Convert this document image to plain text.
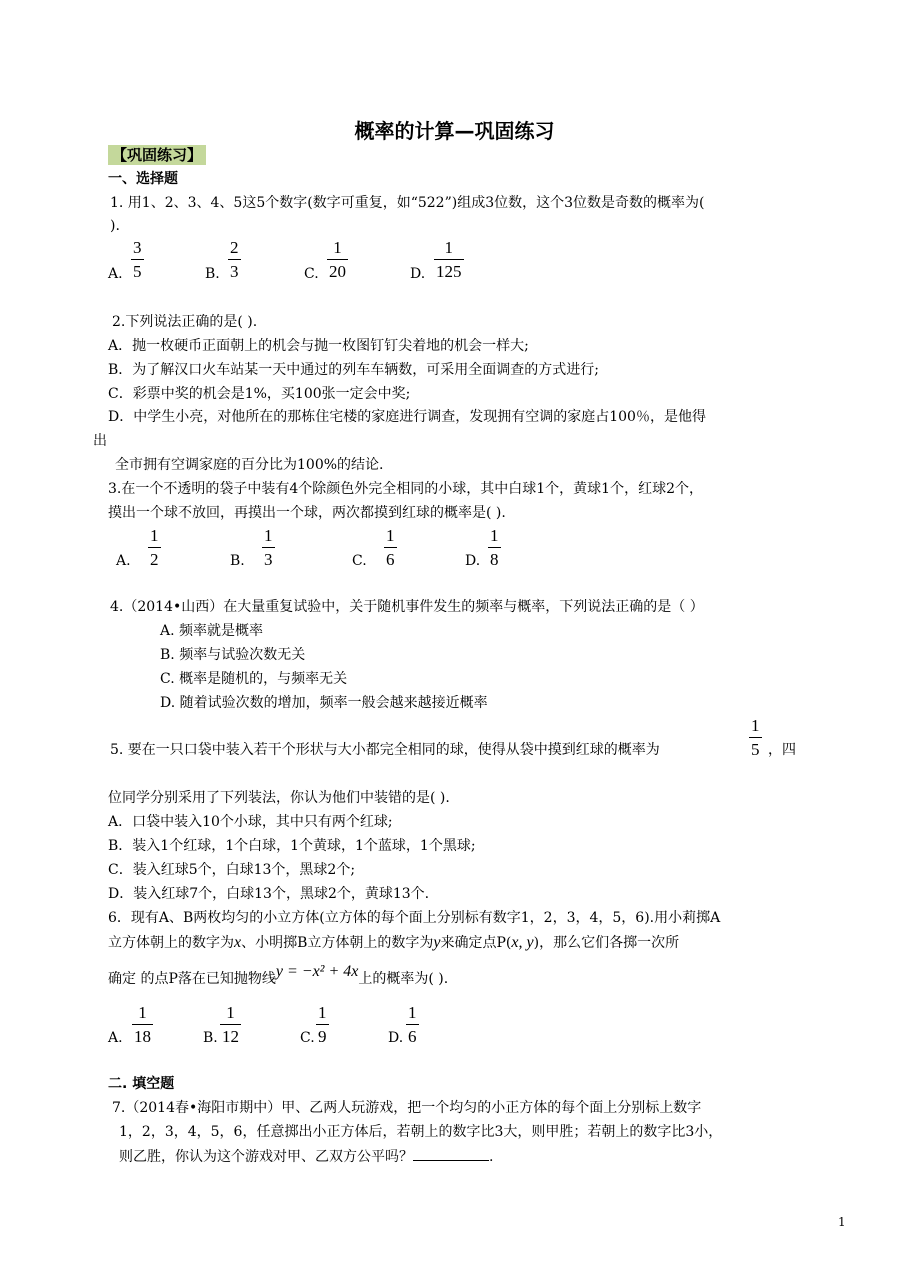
概率的计算—巩固练习
【巩固练习】
一、选择题
1. 用1、2、3、4、5这5个数字(数字可重复，如“522”)组成3位数，这个3位数是奇数的概率为(
).
A.
3
5	B.
2
3	C.
1
20	D.
1
125
2.下列说法正确的是( ).
A．抛一枚硬币正面朝上的机会与抛一枚图钉钉尖着地的机会一样大;
B．为了解汉口火车站某一天中通过的列车车辆数，可采用全面调查的方式进行;
C．彩票中奖的机会是1%，买100张一定会中奖;
D．中学生小亮，对他所在的那栋住宅楼的家庭进行调查，发现拥有空调的家庭占100％，是他得
出
全市拥有空调家庭的百分比为100%的结论.
3.在一个不透明的袋子中装有4个除颜色外完全相同的小球，其中白球1个，黄球1个，红球2个，
摸出一个球不放回，再摸出一个球，两次都摸到红球的概率是( ).
A.
1
2	B.
1
3	C.
1
6	D.
1
8
4.（2014•山西）在大量重复试验中，关于随机事件发生的频率与概率，下列说法正确的是（ ）
A. 频率就是概率
B. 频率与试验次数无关
C. 概率是随机的，与频率无关
D. 随着试验次数的增加，频率一般会越来越接近概率
5. 要在一只口袋中装入若干个形状与大小都完全相同的球，使得从袋中摸到红球的概率为
1
5 ，四
位同学分别采用了下列装法，你认为他们中装错的是( ).
A．口袋中装入10个小球，其中只有两个红球;
B．装入1个红球，1个白球，1个黄球，1个蓝球，1个黑球;
C．装入红球5个，白球13个，黑球2个;
D．装入红球7个，白球13个，黑球2个，黄球13个.
6．现有A、B两枚均匀的小立方体(立方体的每个面上分别标有数字1，2，3，4，5，6).用小莉掷A
立方体朝上的数字为x、小明掷B立方体朝上的数字为y来确定点P(x, y)，那么它们各掷一次所
确定 的点P落在已知抛物线y = −x² + 4x上的概率为( ).
A.
1
18	B.
1
12	C.
1
9	D.
1
6
二. 填空题
7.（2014春•海阳市期中）甲、乙两人玩游戏，把一个均匀的小正方体的每个面上分别标上数字
1，2，3，4，5，6，任意掷出小正方体后，若朝上的数字比3大，则甲胜；若朝上的数字比3小，
则乙胜，你认为这个游戏对甲、乙双方公平吗？	.
1
